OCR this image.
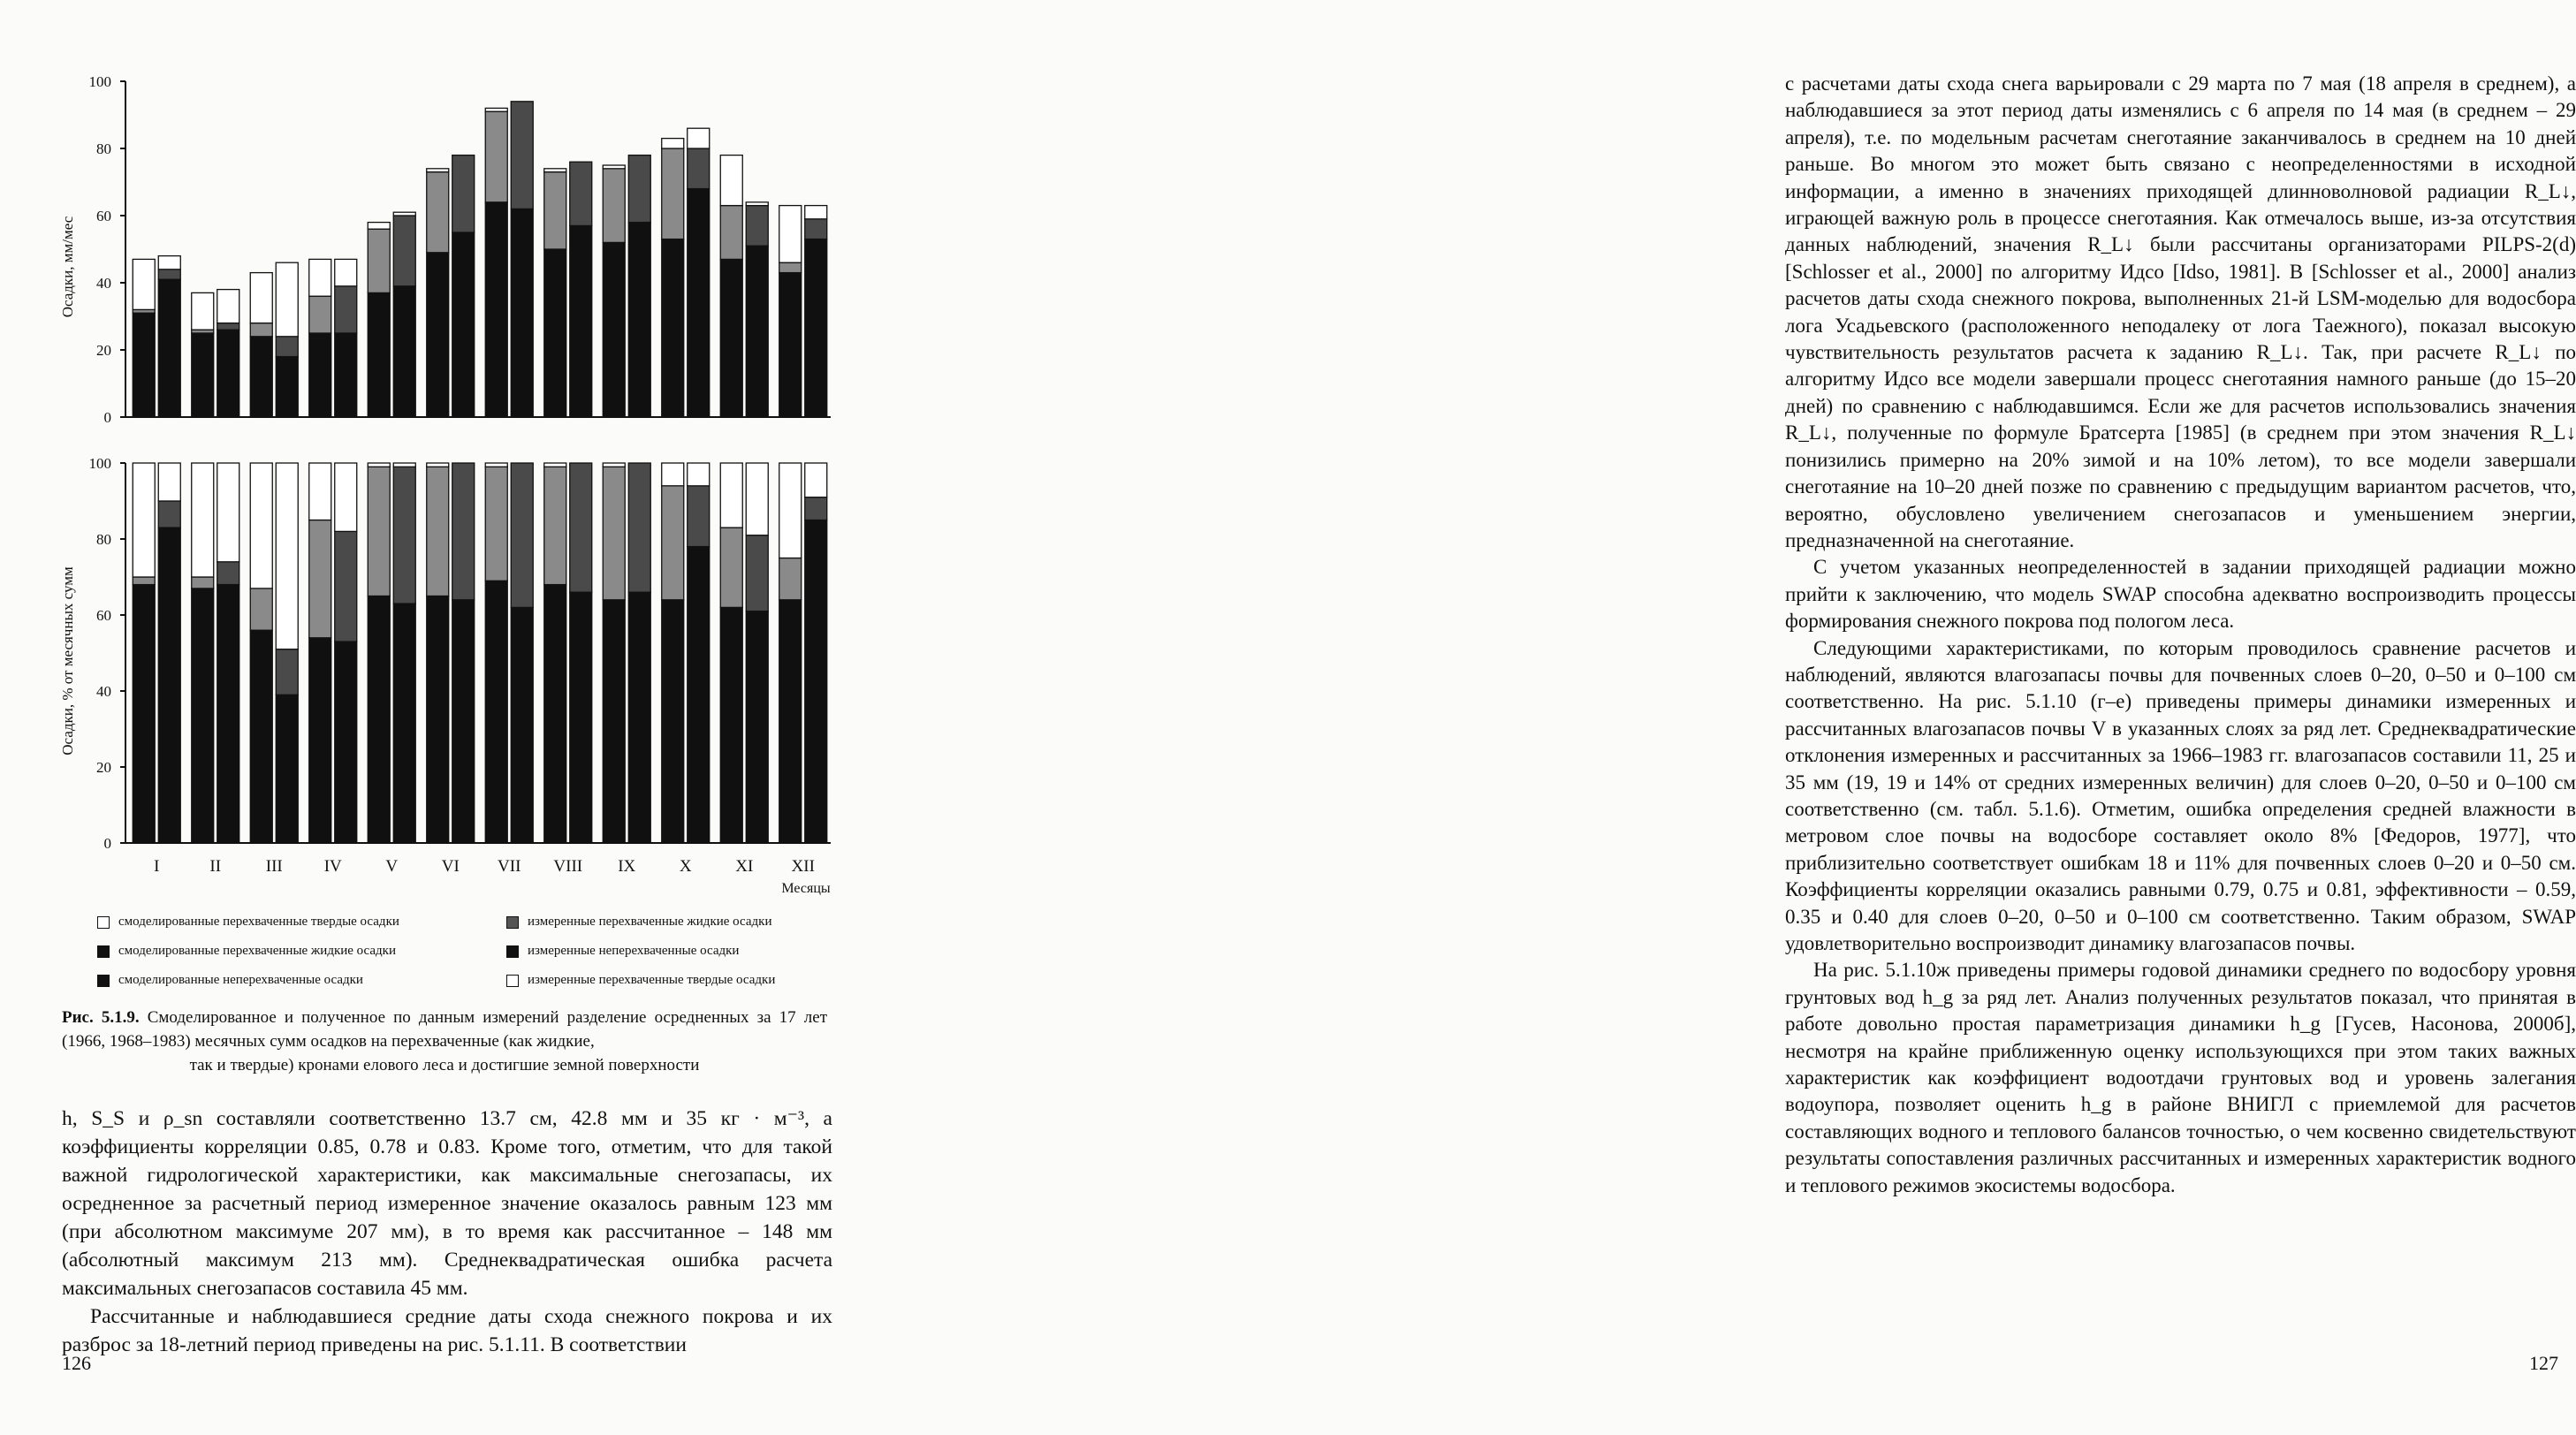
0
20
40
60
80
100
Осадки, мм/мес
0
20
40
60
80
100
I	II	III IV	V	VI VII VIII IX	X	XI XII
Осадки, % от месячных сумм
Месяцы
смоделированные перехваченные твердые осадки
смоделированные перехваченные жидкие осадки
смоделированные неперехваченные осадки
измеренные перехваченные жидкие осадки
измеренные неперехваченные осадки
измеренные перехваченные твердые осадки
Рис. 5.1.9. Смоделированное и полученное по данным измерений разделение осредненных за 17 лет (1966, 1968–1983) месячных сумм осадков на перехваченные (как жидкие,
так и твердые) кронами елового леса и достигшие земной поверхности

h, S_S и ρ_sn составляли соответственно 13.7 см, 42.8 мм и 35 кг · м⁻³, а коэффициенты корреляции 0.85, 0.78 и 0.83. Кроме того, отметим, что для такой важной гидрологической характеристики, как максимальные снегозапасы, их осредненное за расчетный период измеренное значение оказалось равным 123 мм (при абсолютном максимуме 207 мм), в то время как рассчитанное – 148 мм (абсолютный максимум 213 мм). Среднеквадратическая ошибка расчета максимальных снегозапасов составила 45 мм.

Рассчитанные и наблюдавшиеся средние даты схода снежного покрова и их разброс за 18-летний период приведены на рис. 5.1.11. В соответствии

126

с расчетами даты схода снега варьировали с 29 марта по 7 мая (18 апреля в среднем), а наблюдавшиеся за этот период даты изменялись с 6 апреля по 14 мая (в среднем – 29 апреля), т.е. по модельным расчетам снеготаяние заканчивалось в среднем на 10 дней раньше. Во многом это может быть связано с неопределенностями в исходной информации, а именно в значениях приходящей длинноволновой радиации R_L↓, играющей важную роль в процессе снеготаяния. Как отмечалось выше, из-за отсутствия данных наблюдений, значения R_L↓ были рассчитаны организаторами PILPS-2(d) [Schlosser et al., 2000] по алгоритму Идсо [Idso, 1981]. В [Schlosser et al., 2000] анализ расчетов даты схода снежного покрова, выполненных 21-й LSM-моделью для водосбора лога Усадьевского (расположенного неподалеку от лога Таежного), показал высокую чувствительность результатов расчета к заданию R_L↓. Так, при расчете R_L↓ по алгоритму Идсо все модели завершали процесс снеготаяния намного раньше (до 15–20 дней) по сравнению с наблюдавшимся. Если же для расчетов использовались значения R_L↓, полученные по формуле Братсерта [1985] (в среднем при этом значения R_L↓ понизились примерно на 20% зимой и на 10% летом), то все модели завершали снеготаяние на 10–20 дней позже по сравнению с предыдущим вариантом расчетов, что, вероятно, обусловлено увеличением снегозапасов и уменьшением энергии, предназначенной на снеготаяние.

С учетом указанных неопределенностей в задании приходящей радиации можно прийти к заключению, что модель SWAP способна адекватно воспроизводить процессы формирования снежного покрова под пологом леса.

Следующими характеристиками, по которым проводилось сравнение расчетов и наблюдений, являются влагозапасы почвы для почвенных слоев 0–20, 0–50 и 0–100 см соответственно. На рис. 5.1.10 (г–е) приведены примеры динамики измеренных и рассчитанных влагозапасов почвы V в указанных слоях за ряд лет. Среднеквадратические отклонения измеренных и рассчитанных за 1966–1983 гг. влагозапасов составили 11, 25 и 35 мм (19, 19 и 14% от средних измеренных величин) для слоев 0–20, 0–50 и 0–100 см соответственно (см. табл. 5.1.6). Отметим, ошибка определения средней влажности в метровом слое почвы на водосборе составляет около 8% [Федоров, 1977], что приблизительно соответствует ошибкам 18 и 11% для почвенных слоев 0–20 и 0–50 см. Коэффициенты корреляции оказались равными 0.79, 0.75 и 0.81, эффективности – 0.59, 0.35 и 0.40 для слоев 0–20, 0–50 и 0–100 см соответственно. Таким образом, SWAP удовлетворительно воспроизводит динамику влагозапасов почвы.

На рис. 5.1.10ж приведены примеры годовой динамики среднего по водосбору уровня грунтовых вод h_g за ряд лет. Анализ полученных результатов показал, что принятая в работе довольно простая параметризация динамики h_g [Гусев, Насонова, 2000б], несмотря на крайне приближенную оценку использующихся при этом таких важных характеристик как коэффициент водоотдачи грунтовых вод и уровень залегания водоупора, позволяет оценить h_g в районе ВНИГЛ с приемлемой для расчетов составляющих водного и теплового балансов точностью, о чем косвенно свидетельствуют результаты сопоставления различных рассчитанных и измеренных характеристик водного и теплового режимов экосистемы водосбора.

127
